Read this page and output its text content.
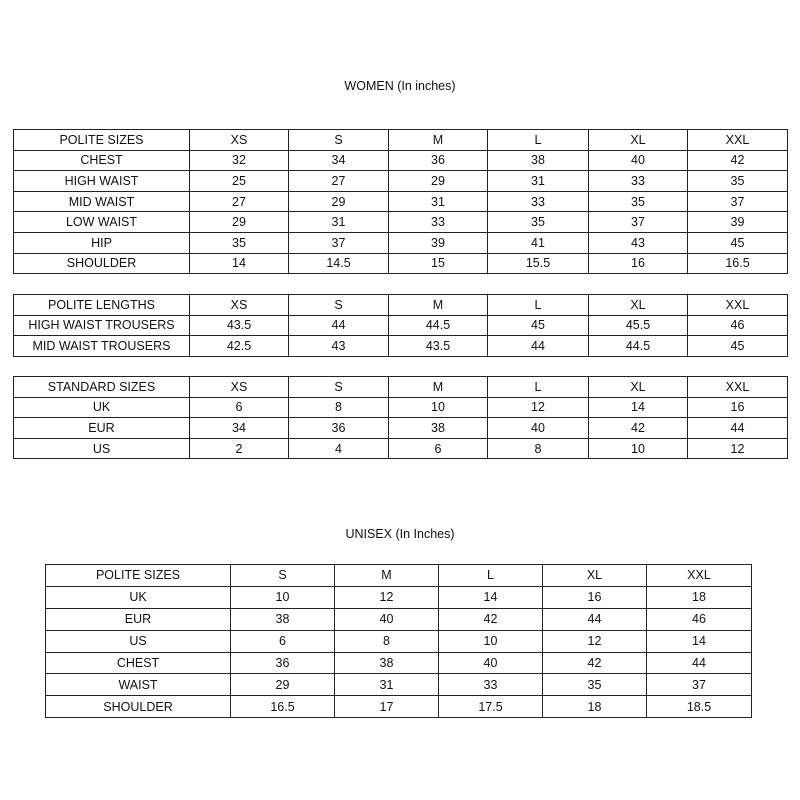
WOMEN (In inches)
POLITE SIZES	XS	S	M	L	XL	XXL
CHEST	32	34	36	38	40	42
HIGH WAIST	25	27	29	31	33	35
MID WAIST	27	29	31	33	35	37
LOW WAIST	29	31	33	35	37	39
HIP	35	37	39	41	43	45
SHOULDER	14	14.5	15	15.5	16	16.5
POLITE LENGTHS	XS	S	M	L	XL	XXL
HIGH WAIST TROUSERS	43.5	44	44.5	45	45.5	46
MID WAIST TROUSERS	42.5	43	43.5	44	44.5	45
STANDARD SIZES	XS	S	M	L	XL	XXL
UK	6	8	10	12	14	16
EUR	34	36	38	40	42	44
US	2	4	6	8	10	12
UNISEX (In Inches)
POLITE SIZES	S	M	L	XL	XXL
UK	10	12	14	16	18
EUR	38	40	42	44	46
US	6	8	10	12	14
CHEST	36	38	40	42	44
WAIST	29	31	33	35	37
SHOULDER	16.5	17	17.5	18	18.5
